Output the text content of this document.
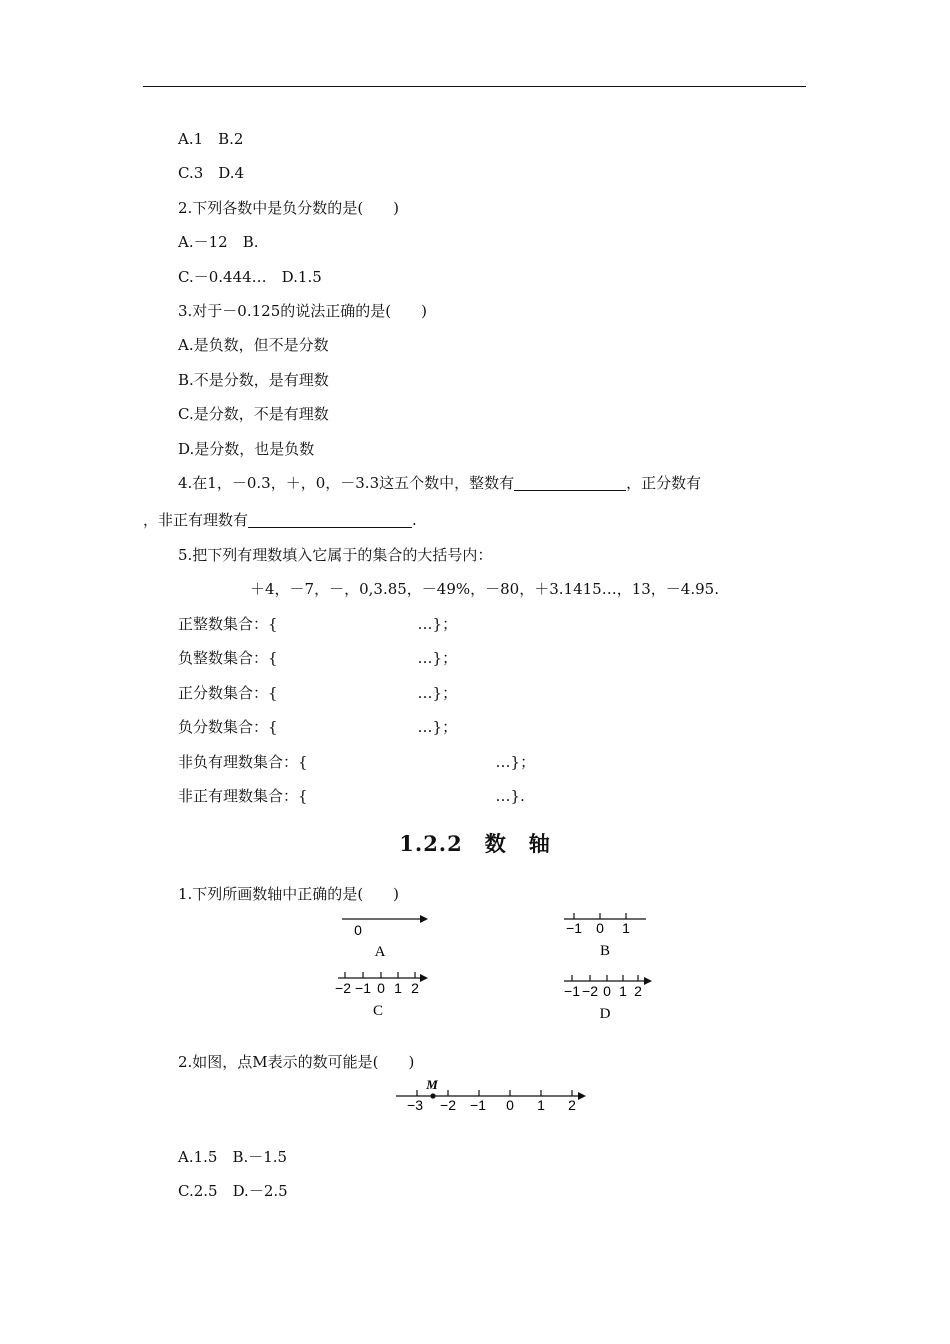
A.1　B.2
C.3　D.4
2.下列各数中是负分数的是(　　)
A.－12　B.
C.－0.444…　D.1.5
3.对于－0.125的说法正确的是(　　)
A.是负数，但不是分数
B.不是分数，是有理数
C.是分数，不是有理数
D.是分数，也是负数
4.在1，－0.3，＋，0，－3.3这五个数中，整数有	，正分数有
，非正有理数有	.
5.把下列有理数填入它属于的集合的大括号内：
＋4，－7，－，0,3.85，－49%，－80，＋3.1415…，13，－4.95.
正整数集合：{	…}；
负整数集合：{	…}；
正分数集合：{	…}；
负分数集合：{	…}；
非负有理数集合：{	…}；
非正有理数集合：{	…}.
1.2.2 数　轴
1.下列所画数轴中正确的是(　　)
0
A
−1 0 1
B
−2 −1 0 1 2
C
−1 −2 0 1 2
D
2.如图，点M表示的数可能是(　　)
M
−3 −2 −1 0 1 2
A.1.5　B.－1.5
C.2.5　D.－2.5
